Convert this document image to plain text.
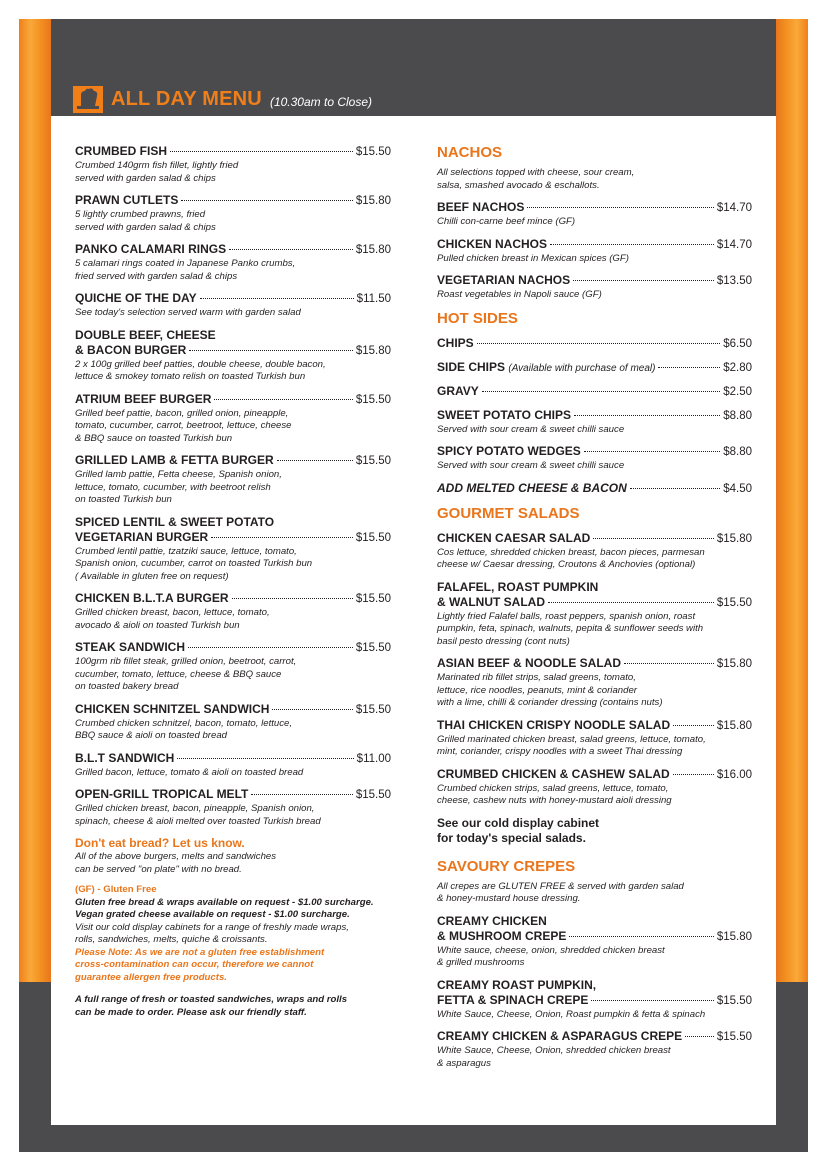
ALL DAY MENU (10.30am to Close)
CRUMBED FISH	$15.50
Crumbed 140grm fish fillet, lightly fried
served with garden salad & chips
PRAWN CUTLETS	$15.80
5 lightly crumbed prawns, fried
served with garden salad & chips
PANKO CALAMARI RINGS	$15.80
5 calamari rings coated in Japanese Panko crumbs,
fried served with garden salad & chips
QUICHE OF THE DAY	$11.50
See today's selection served warm with garden salad
DOUBLE BEEF, CHEESE
& BACON BURGER	$15.80
2 x 100g grilled beef patties, double cheese, double bacon,
lettuce & smokey tomato relish on toasted Turkish bun
ATRIUM BEEF BURGER	$15.50
Grilled beef pattie, bacon, grilled onion, pineapple,
tomato, cucumber, carrot, beetroot, lettuce, cheese
& BBQ sauce on toasted Turkish bun
GRILLED LAMB & FETTA BURGER	$15.50
Grilled lamb pattie, Fetta cheese, Spanish onion,
lettuce, tomato, cucumber, with beetroot relish
on toasted Turkish bun
SPICED LENTIL & SWEET POTATO
VEGETARIAN BURGER	$15.50
Crumbed lentil pattie, tzatziki sauce, lettuce, tomato,
Spanish onion, cucumber, carrot on toasted Turkish bun
( Available in gluten free on request)
CHICKEN B.L.T.A BURGER	$15.50
Grilled chicken breast, bacon, lettuce, tomato,
avocado & aioli on toasted Turkish bun
STEAK SANDWICH	$15.50
100grm rib fillet steak, grilled onion, beetroot, carrot,
cucumber, tomato, lettuce, cheese & BBQ sauce
on toasted bakery bread
CHICKEN SCHNITZEL SANDWICH	$15.50
Crumbed chicken schnitzel, bacon, tomato, lettuce,
BBQ sauce & aioli on toasted bread
B.L.T SANDWICH	$11.00
Grilled bacon, lettuce, tomato & aioli on toasted bread
OPEN-GRILL TROPICAL MELT	$15.50
Grilled chicken breast, bacon, pineapple, Spanish onion,
spinach, cheese & aioli melted over toasted Turkish bread
Don't eat bread? Let us know.
All of the above burgers, melts and sandwiches
can be served "on plate" with no bread.
(GF) - Gluten Free
Gluten free bread & wraps available on request - $1.00 surcharge.
Vegan grated cheese available on request - $1.00 surcharge.
Visit our cold display cabinets for a range of freshly made wraps,
rolls, sandwiches, melts, quiche & croissants.
Please Note: As we are not a gluten free establishment
cross-contamination can occur, therefore we cannot
guarantee allergen free products.
A full range of fresh or toasted sandwiches, wraps and rolls
can be made to order. Please ask our friendly staff.
NACHOS
All selections topped with cheese, sour cream,
salsa, smashed avocado & eschallots.
BEEF NACHOS	$14.70
Chilli con-carne beef mince (GF)
CHICKEN NACHOS	$14.70
Pulled chicken breast in Mexican spices (GF)
VEGETARIAN NACHOS	$13.50
Roast vegetables in Napoli sauce (GF)
HOT SIDES
CHIPS	$6.50
SIDE CHIPS (Available with purchase of meal)	$2.80
GRAVY	$2.50
SWEET POTATO CHIPS	$8.80
Served with sour cream & sweet chilli sauce
SPICY POTATO WEDGES	$8.80
Served with sour cream & sweet chilli sauce
ADD MELTED CHEESE & BACON	$4.50
GOURMET SALADS
CHICKEN CAESAR SALAD	$15.80
Cos lettuce, shredded chicken breast, bacon pieces, parmesan
cheese w/ Caesar dressing, Croutons & Anchovies (optional)
FALAFEL, ROAST PUMPKIN
& WALNUT SALAD	$15.50
Lightly fried Falafel balls, roast peppers, spanish onion, roast
pumpkin, feta, spinach, walnuts, pepita & sunflower seeds with
basil pesto dressing (cont nuts)
ASIAN BEEF & NOODLE SALAD	$15.80
Marinated rib fillet strips, salad greens, tomato,
lettuce, rice noodles, peanuts, mint & coriander
with a lime, chilli & coriander dressing (contains nuts)
THAI CHICKEN CRISPY NOODLE SALAD	$15.80
Grilled marinated chicken breast, salad greens, lettuce, tomato,
mint, coriander, crispy noodles with a sweet Thai dressing
CRUMBED CHICKEN & CASHEW SALAD	$16.00
Crumbed chicken strips, salad greens, lettuce, tomato,
cheese, cashew nuts with honey-mustard aioli dressing
See our cold display cabinet
for today's special salads.
SAVOURY CREPES
All crepes are GLUTEN FREE & served with garden salad
& honey-mustard house dressing.
CREAMY CHICKEN
& MUSHROOM CREPE	$15.80
White sauce, cheese, onion, shredded chicken breast
& grilled mushrooms
CREAMY ROAST PUMPKIN,
FETTA & SPINACH CREPE	$15.50
White Sauce, Cheese, Onion, Roast pumpkin & fetta & spinach
CREAMY CHICKEN & ASPARAGUS CREPE	$15.50
White Sauce, Cheese, Onion, shredded chicken breast
& asparagus
